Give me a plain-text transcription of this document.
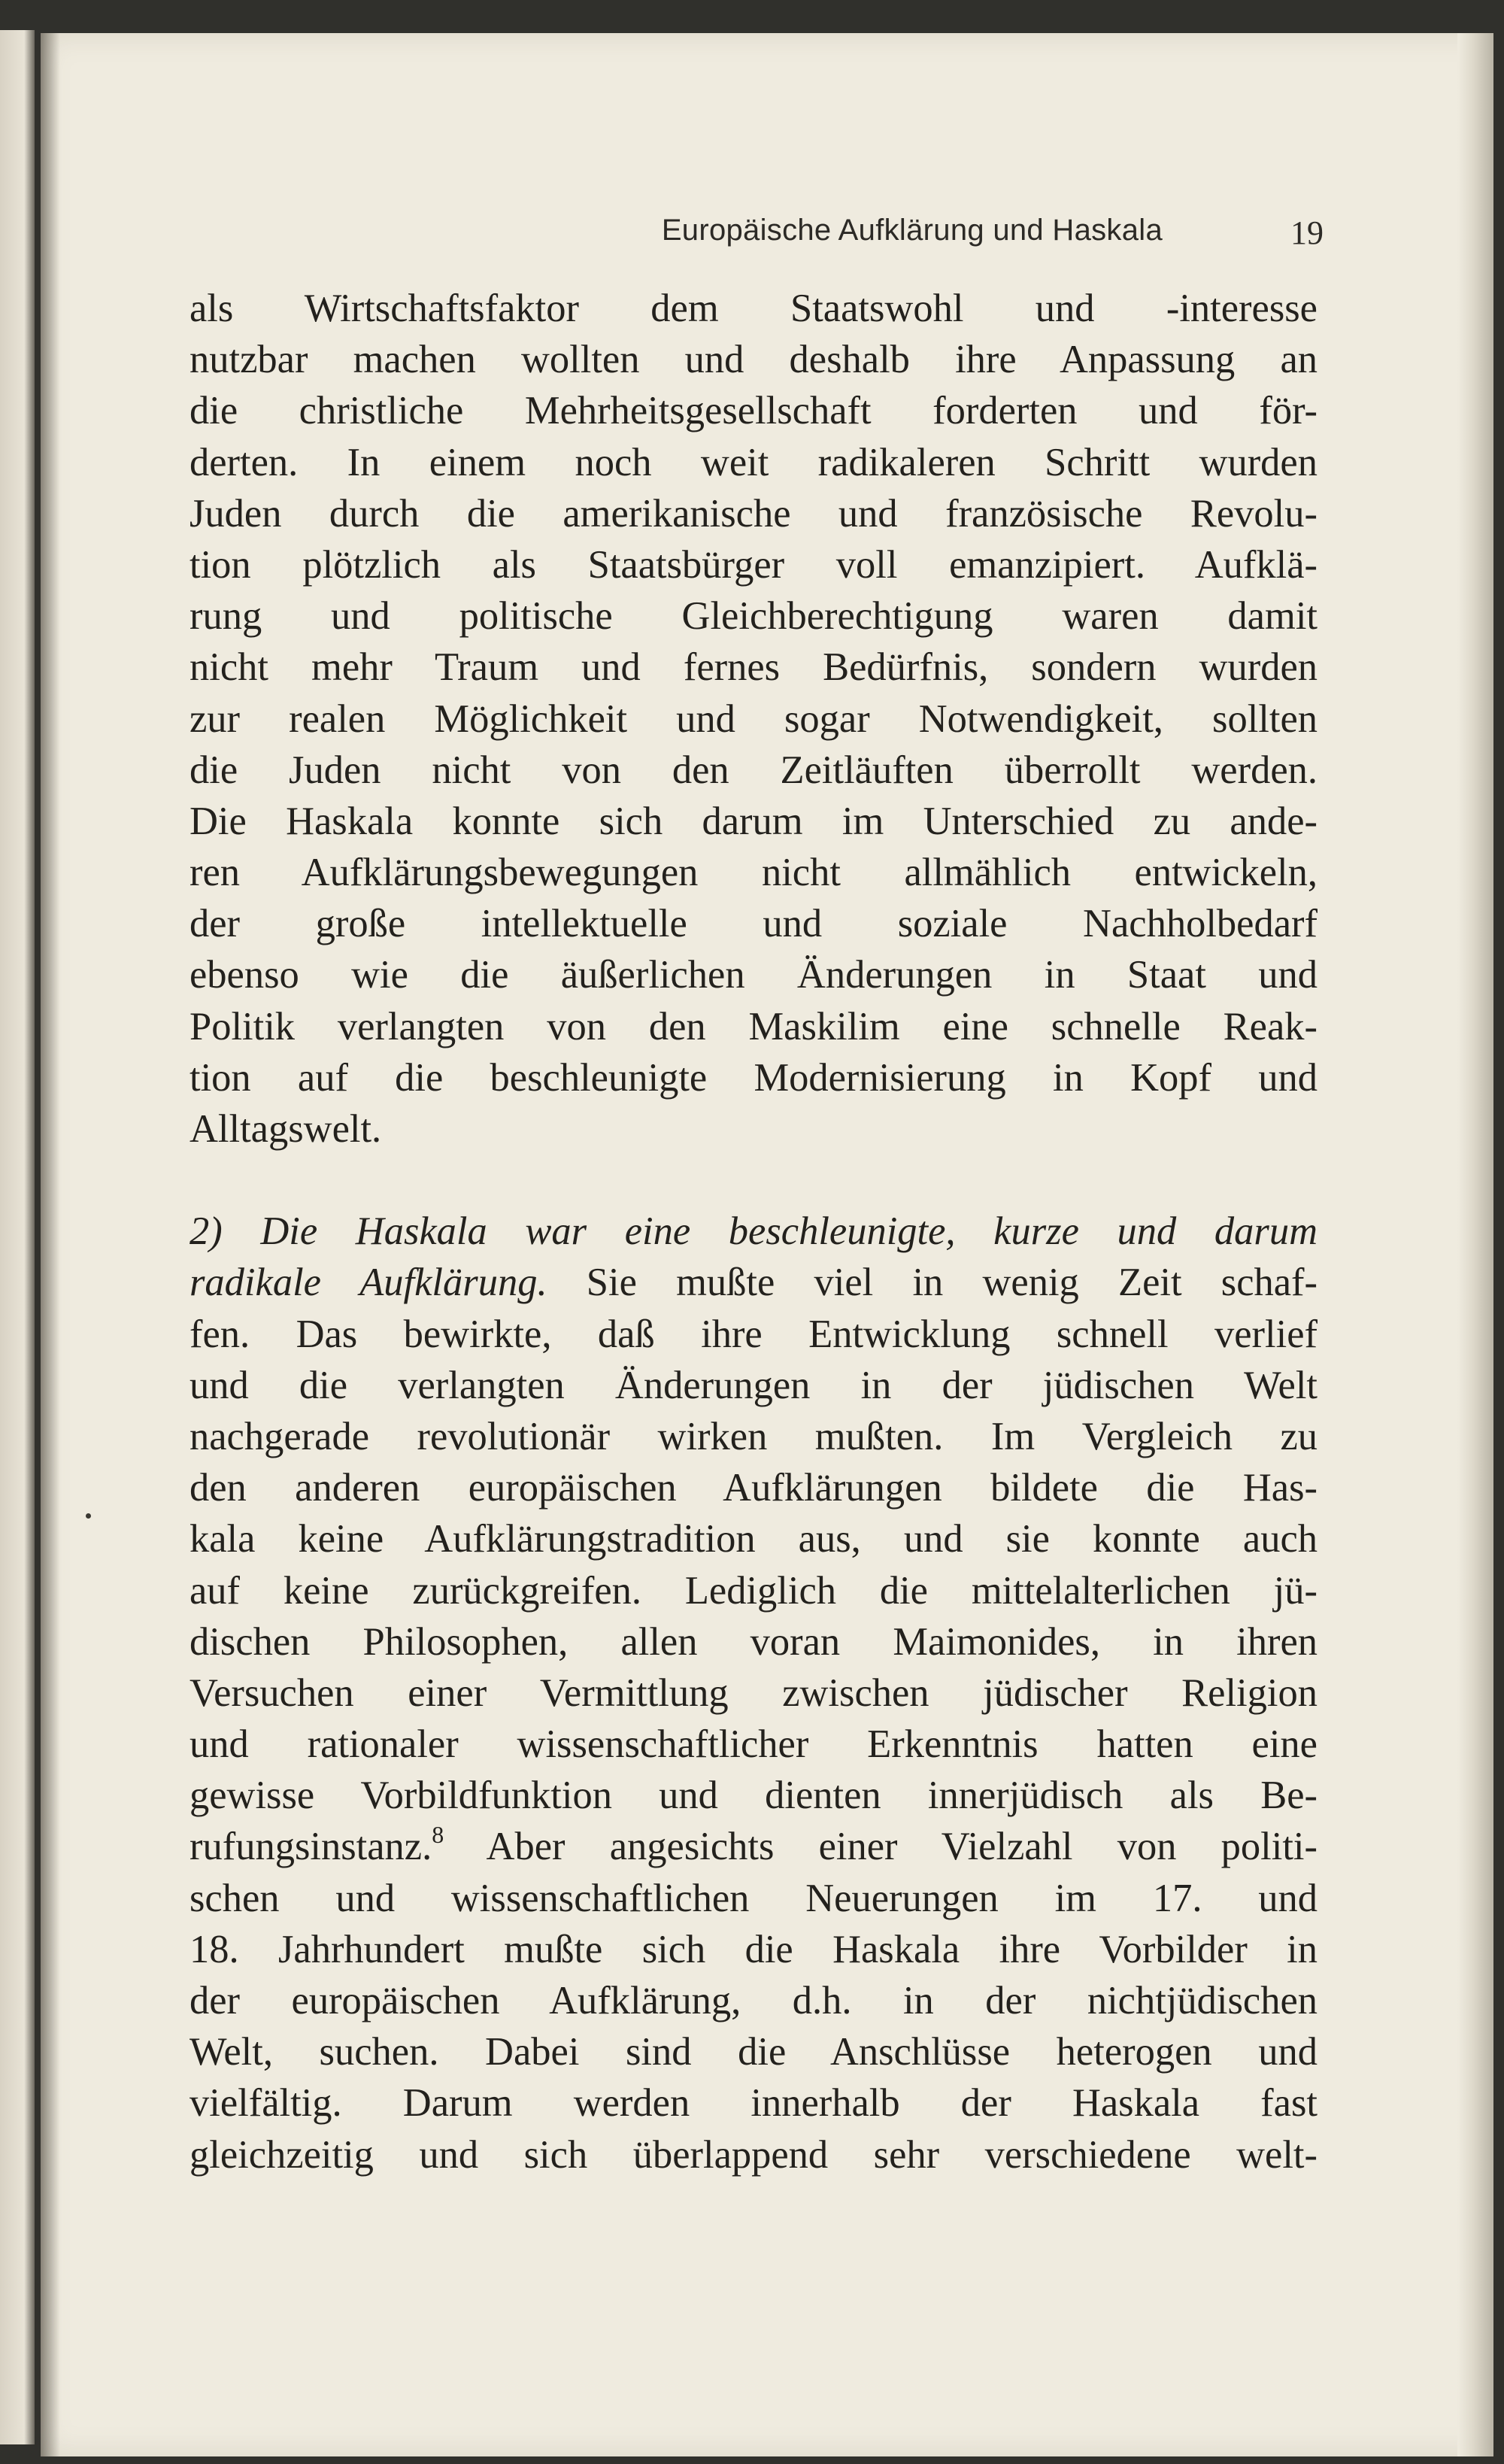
Europäische Aufklärung und Haskala	19
als Wirtschaftsfaktor dem Staatswohl und -interesse
nutzbar machen wollten und deshalb ihre Anpassung an
die christliche Mehrheitsgesellschaft forderten und för-
derten. In einem noch weit radikaleren Schritt wurden
Juden durch die amerikanische und französische Revolu-
tion plötzlich als Staatsbürger voll emanzipiert. Aufklä-
rung und politische Gleichberechtigung waren damit
nicht mehr Traum und fernes Bedürfnis, sondern wurden
zur realen Möglichkeit und sogar Notwendigkeit, sollten
die Juden nicht von den Zeitläuften überrollt werden.
Die Haskala konnte sich darum im Unterschied zu ande-
ren Aufklärungsbewegungen nicht allmählich entwickeln,
der große intellektuelle und soziale Nachholbedarf
ebenso wie die äußerlichen Änderungen in Staat und
Politik verlangten von den Maskilim eine schnelle Reak-
tion auf die beschleunigte Modernisierung in Kopf und
Alltagswelt.
2) Die Haskala war eine beschleunigte, kurze und darum
radikale Aufklärung. Sie mußte viel in wenig Zeit schaf-
fen. Das bewirkte, daß ihre Entwicklung schnell verlief
und die verlangten Änderungen in der jüdischen Welt
nachgerade revolutionär wirken mußten. Im Vergleich zu
den anderen europäischen Aufklärungen bildete die Has-
kala keine Aufklärungstradition aus, und sie konnte auch
auf keine zurückgreifen. Lediglich die mittelalterlichen jü-
dischen Philosophen, allen voran Maimonides, in ihren
Versuchen einer Vermittlung zwischen jüdischer Religion
und rationaler wissenschaftlicher Erkenntnis hatten eine
gewisse Vorbildfunktion und dienten innerjüdisch als Be-
rufungsinstanz.$^8$ Aber angesichts einer Vielzahl von politi-
schen und wissenschaftlichen Neuerungen im 17. und
18. Jahrhundert mußte sich die Haskala ihre Vorbilder in
der europäischen Aufklärung, d.h. in der nichtjüdischen
Welt, suchen. Dabei sind die Anschlüsse heterogen und
vielfältig. Darum werden innerhalb der Haskala fast
gleichzeitig und sich überlappend sehr verschiedene welt-
